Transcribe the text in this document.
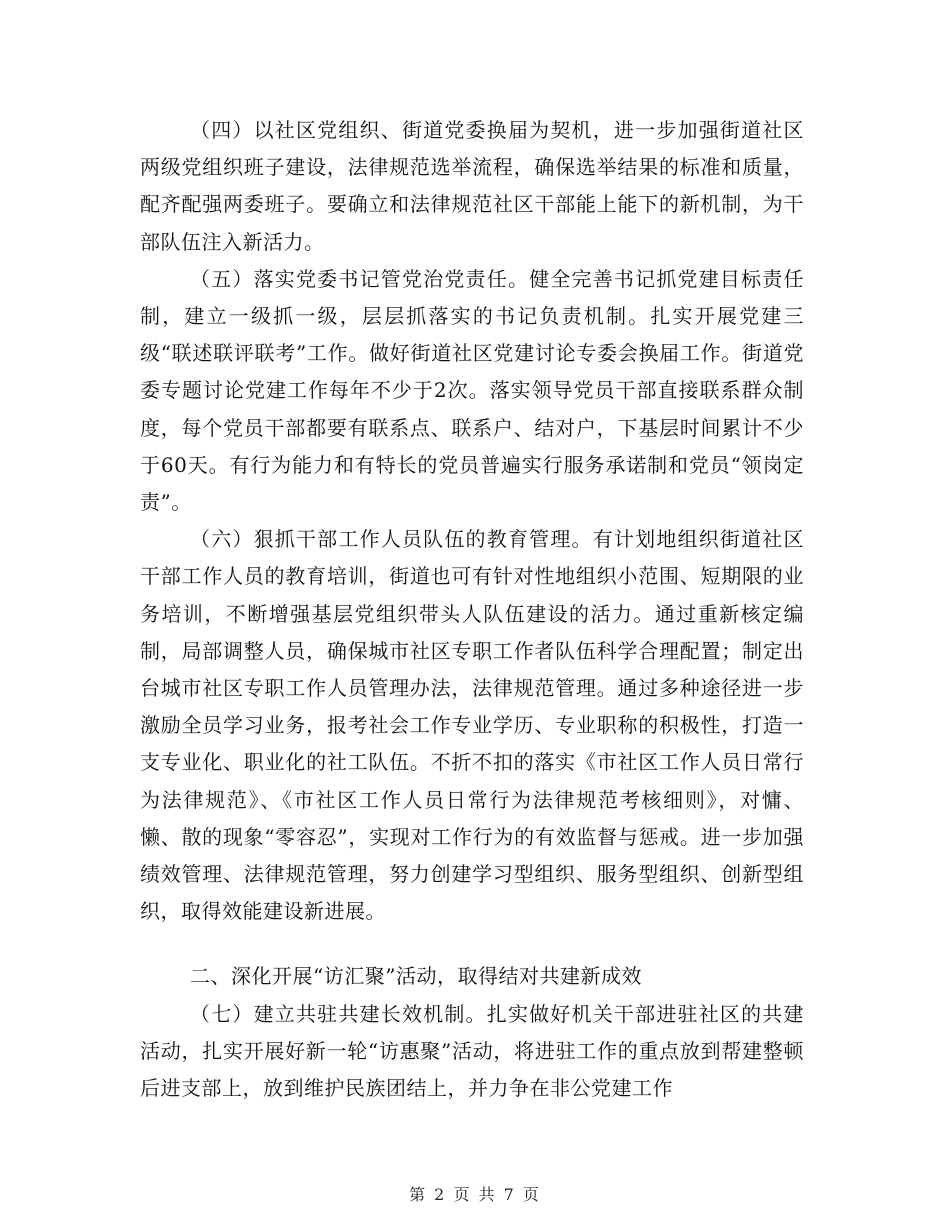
（四）以社区党组织、街道党委换届为契机，进一步加强街道社区两级党组织班子建设，法律规范选举流程，确保选举结果的标准和质量，配齐配强两委班子。要确立和法律规范社区干部能上能下的新机制，为干部队伍注入新活力。

（五）落实党委书记管党治党责任。健全完善书记抓党建目标责任制，建立一级抓一级，层层抓落实的书记负责机制。扎实开展党建三级“联述联评联考”工作。做好街道社区党建讨论专委会换届工作。街道党委专题讨论党建工作每年不少于2次。落实领导党员干部直接联系群众制度，每个党员干部都要有联系点、联系户、结对户，下基层时间累计不少于60天。有行为能力和有特长的党员普遍实行服务承诺制和党员“领岗定责”。

（六）狠抓干部工作人员队伍的教育管理。有计划地组织街道社区干部工作人员的教育培训，街道也可有针对性地组织小范围、短期限的业务培训，不断增强基层党组织带头人队伍建设的活力。通过重新核定编制，局部调整人员，确保城市社区专职工作者队伍科学合理配置；制定出台城市社区专职工作人员管理办法，法律规范管理。通过多种途径进一步激励全员学习业务，报考社会工作专业学历、专业职称的积极性，打造一支专业化、职业化的社工队伍。不折不扣的落实《市社区工作人员日常行为法律规范》、《市社区工作人员日常行为法律规范考核细则》，对慵、懒、散的现象“零容忍”，实现对工作行为的有效监督与惩戒。进一步加强绩效管理、法律规范管理，努力创建学习型组织、服务型组织、创新型组织，取得效能建设新进展。

二、深化开展“访汇聚”活动，取得结对共建新成效

（七）建立共驻共建长效机制。扎实做好机关干部进驻社区的共建活动，扎实开展好新一轮“访惠聚”活动，将进驻工作的重点放到帮建整顿后进支部上，放到维护民族团结上，并力争在非公党建工作

第 2 页 共 7 页
